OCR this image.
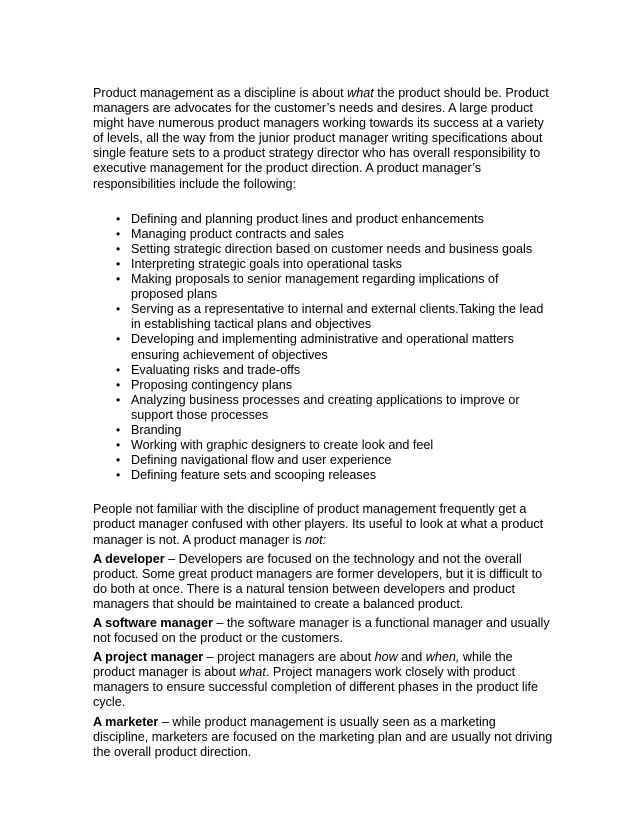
Product management as a discipline is about what the product should be. Product managers are advocates for the customer’s needs and desires. A large product might have numerous product managers working towards its success at a variety of levels, all the way from the junior product manager writing specifications about single feature sets to a product strategy director who has overall responsibility to executive management for the product direction. A product manager’s responsibilities include the following:

• Defining and planning product lines and product enhancements
• Managing product contracts and sales
• Setting strategic direction based on customer needs and business goals
• Interpreting strategic goals into operational tasks
• Making proposals to senior management regarding implications of proposed plans
• Serving as a representative to internal and external clients.Taking the lead in establishing tactical plans and objectives
• Developing and implementing administrative and operational matters ensuring achievement of objectives
• Evaluating risks and trade-offs
• Proposing contingency plans
• Analyzing business processes and creating applications to improve or support those processes
• Branding
• Working with graphic designers to create look and feel
• Defining navigational flow and user experience
• Defining feature sets and scooping releases

People not familiar with the discipline of product management frequently get a product manager confused with other players. Its useful to look at what a product manager is not. A product manager is not:

A developer – Developers are focused on the technology and not the overall product. Some great product managers are former developers, but it is difficult to do both at once. There is a natural tension between developers and product managers that should be maintained to create a balanced product.

A software manager – the software manager is a functional manager and usually not focused on the product or the customers.

A project manager – project managers are about how and when, while the product manager is about what. Project managers work closely with product managers to ensure successful completion of different phases in the product life cycle.

A marketer – while product management is usually seen as a marketing discipline, marketers are focused on the marketing plan and are usually not driving the overall product direction.
